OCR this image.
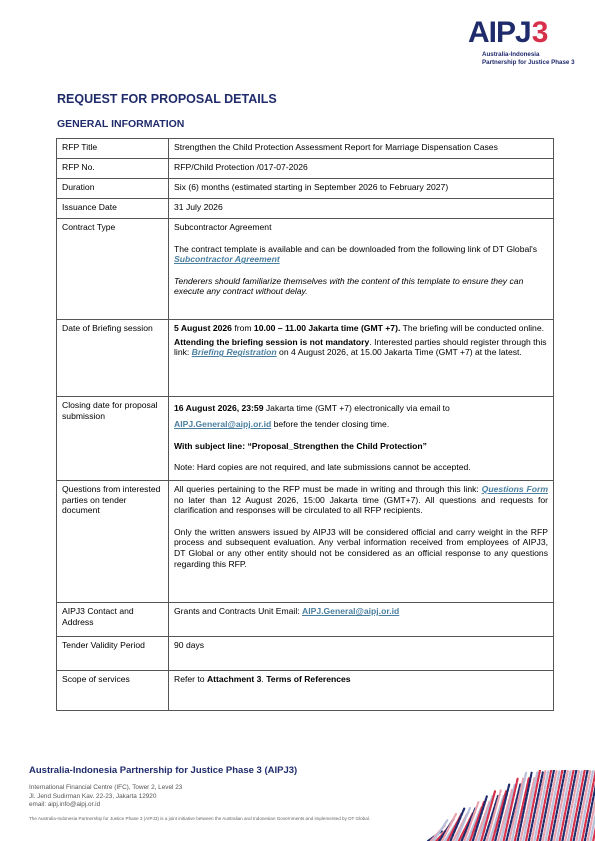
AIPJ3
Australia-Indonesia
Partnership for Justice Phase 3
REQUEST FOR PROPOSAL DETAILS
GENERAL INFORMATION
RFP Title	Strengthen the Child Protection Assessment Report for Marriage Dispensation Cases
RFP No.	RFP/Child Protection /017-07-2026
Duration	Six (6) months (estimated starting in September 2026 to February 2027)
Issuance Date	31 July 2026
Contract Type	Subcontractor Agreement

The contract template is available and can be downloaded from the following link of DT Global's Subcontractor Agreement

Tenderers should familiarize themselves with the content of this template to ensure they can execute any contract without delay.

Date of Briefing session	5 August 2026 from 10.00 – 11.00 Jakarta time (GMT +7). The briefing will be conducted online.

Attending the briefing session is not mandatory. Interested parties should register through this link: Briefing Registration on 4 August 2026, at 15.00 Jakarta Time (GMT +7) at the latest.

Closing date for proposal submission	16 August 2026, 23:59 Jakarta time (GMT +7) electronically via email to AIPJ.General@aipj.or.id before the tender closing time.

With subject line: “Proposal_Strengthen the Child Protection”

Note: Hard copies are not required, and late submissions cannot be accepted.

Questions from interested parties on tender document	All queries pertaining to the RFP must be made in writing and through this link: Questions Form no later than 12 August 2026, 15:00 Jakarta time (GMT+7). All questions and requests for clarification and responses will be circulated to all RFP recipients.

Only the written answers issued by AIPJ3 will be considered official and carry weight in the RFP process and subsequent evaluation. Any verbal information received from employees of AIPJ3, DT Global or any other entity should not be considered as an official response to any questions regarding this RFP.

AIPJ3 Contact and Address	Grants and Contracts Unit Email: AIPJ.General@aipj.or.id
Tender Validity Period	90 days
Scope of services	Refer to Attachment 3. Terms of References
Australia-Indonesia Partnership for Justice Phase 3 (AIPJ3)
International Financial Centre (IFC), Tower 2, Level 23
Jl. Jend Sudirman Kav. 22-23, Jakarta 12920
email: aipj.info@aipj.or.id
The Australia-Indonesia Partnership for Justice Phase 3 (AIPJ3) is a joint initiative between the Australian and Indonesian Governments and implemented by DT Global.
